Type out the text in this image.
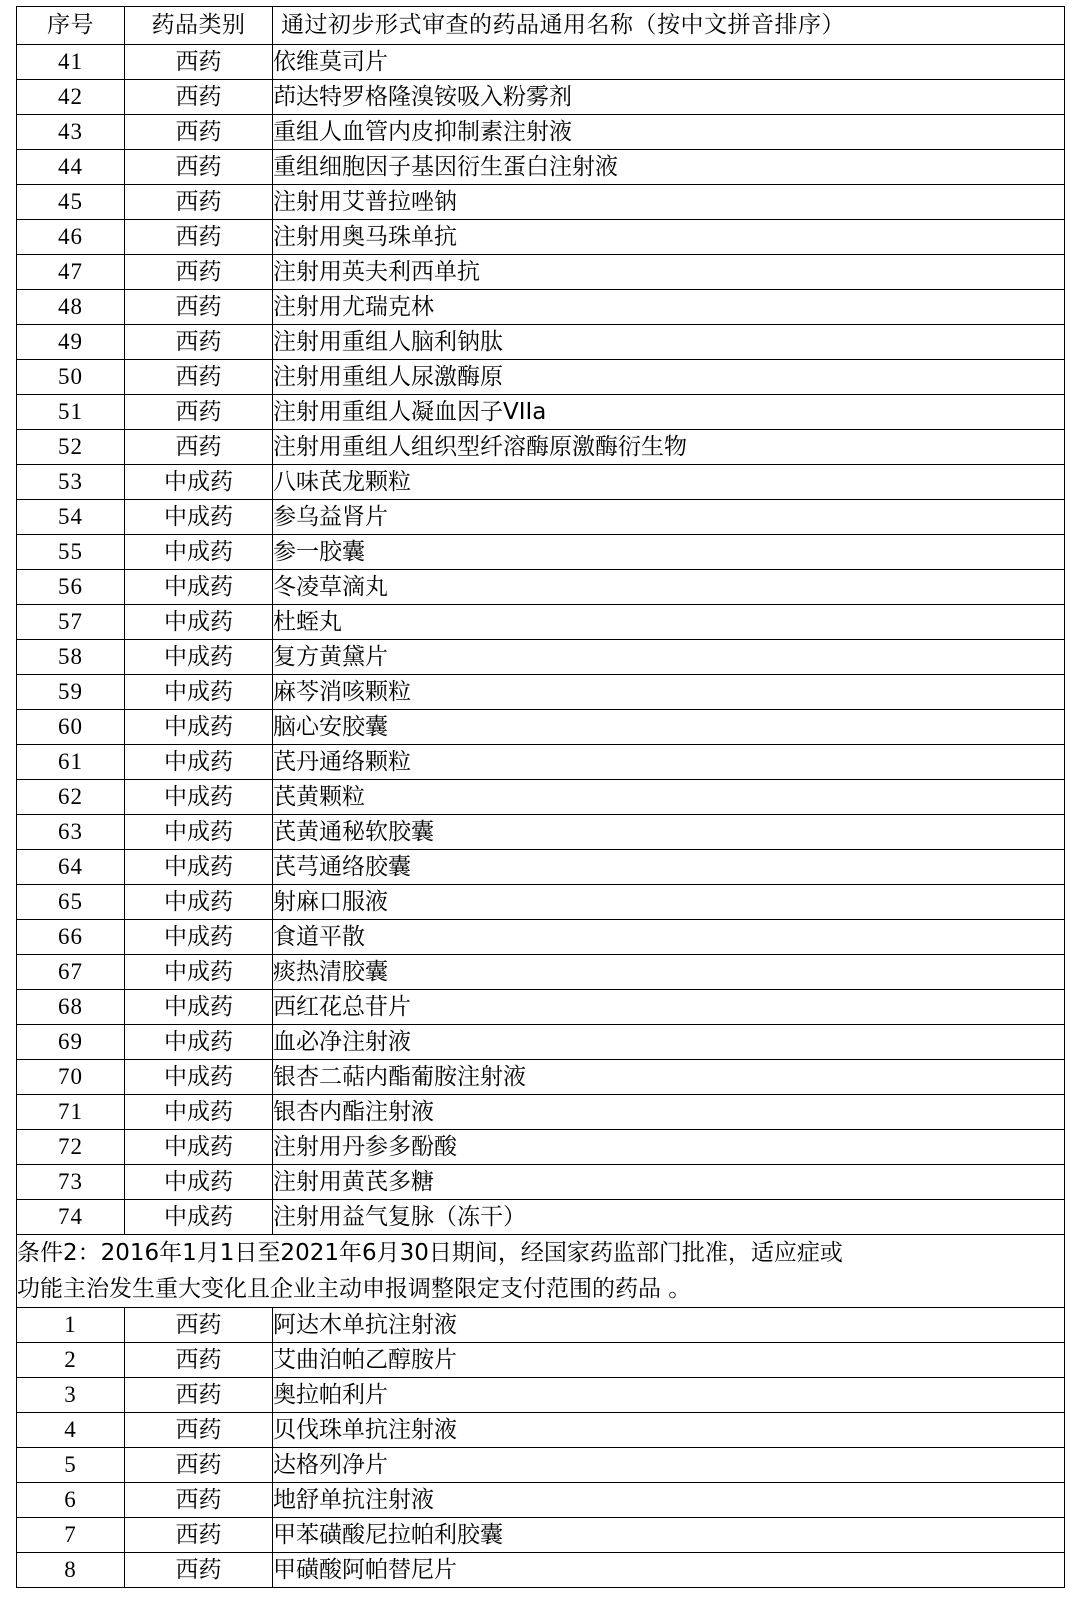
序号	药品类别	通过初步形式审查的药品通用名称（按中文拼音排序）
41	西药	依维莫司片
42	西药	茚达特罗格隆溴铵吸入粉雾剂
43	西药	重组人血管内皮抑制素注射液
44	西药	重组细胞因子基因衍生蛋白注射液
45	西药	注射用艾普拉唑钠
46	西药	注射用奥马珠单抗
47	西药	注射用英夫利西单抗
48	西药	注射用尤瑞克林
49	西药	注射用重组人脑利钠肽
50	西药	注射用重组人尿激酶原
51	西药	注射用重组人凝血因子VIIa
52	西药	注射用重组人组织型纤溶酶原激酶衍生物
53	中成药	八味芪龙颗粒
54	中成药	参乌益肾片
55	中成药	参一胶囊
56	中成药	冬凌草滴丸
57	中成药	杜蛭丸
58	中成药	复方黄黛片
59	中成药	麻芩消咳颗粒
60	中成药	脑心安胶囊
61	中成药	芪丹通络颗粒
62	中成药	芪黄颗粒
63	中成药	芪黄通秘软胶囊
64	中成药	芪芎通络胶囊
65	中成药	射麻口服液
66	中成药	食道平散
67	中成药	痰热清胶囊
68	中成药	西红花总苷片
69	中成药	血必净注射液
70	中成药	银杏二萜内酯葡胺注射液
71	中成药	银杏内酯注射液
72	中成药	注射用丹参多酚酸
73	中成药	注射用黄芪多糖
74	中成药	注射用益气复脉（冻干）

条件2：2016年1月1日至2021年6月30日期间，经国家药监部门批准，适应症或

功能主治发生重大变化且企业主动申报调整限定支付范围的药品 。		

1	西药	阿达木单抗注射液
2	西药	艾曲泊帕乙醇胺片
3	西药	奥拉帕利片
4	西药	贝伐珠单抗注射液
5	西药	达格列净片
6	西药	地舒单抗注射液
7	西药	甲苯磺酸尼拉帕利胶囊
8	西药	甲磺酸阿帕替尼片
